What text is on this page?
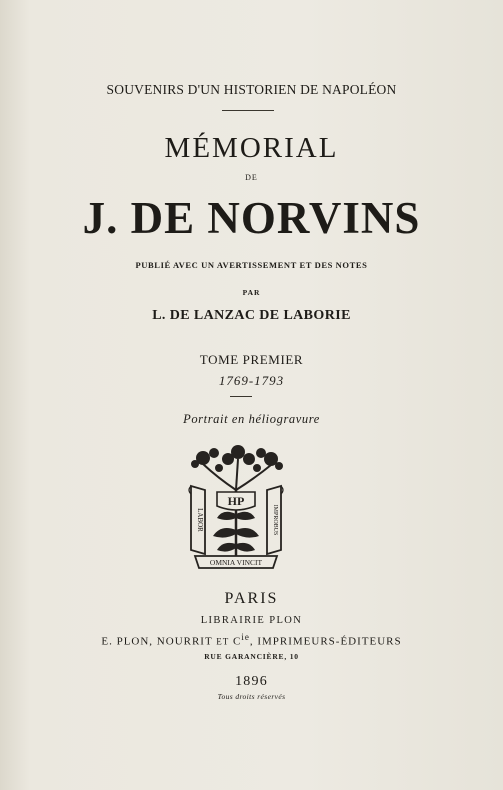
SOUVENIRS D'UN HISTORIEN DE NAPOLÉON
MÉMORIAL
DE
J. DE NORVINS
PUBLIÉ AVEC UN AVERTISSEMENT ET DES NOTES
PAR
L. DE LANZAC DE LABORIE
TOME PREMIER
1769-1793
Portrait en héliogravure
HP
LABOR	IMPROBUS
OMNIA VINCIT
PARIS
LIBRAIRIE PLON
E. PLON, NOURRIT ET $C^{ie}$, IMPRIMEURS-ÉDITEURS
RUE GARANCIÈRE, 10
1896
Tous droits réservés
